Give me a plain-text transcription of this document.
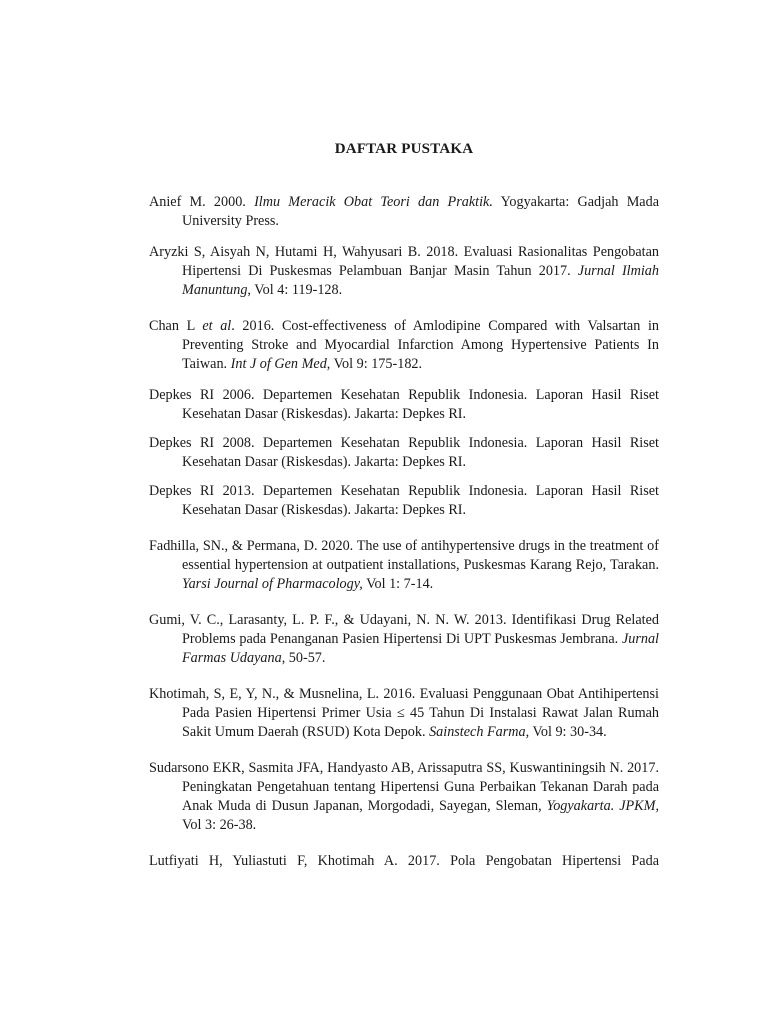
DAFTAR PUSTAKA

Anief M. 2000. Ilmu Meracik Obat Teori dan Praktik. Yogyakarta: Gadjah Mada University Press.

Aryzki S, Aisyah N, Hutami H, Wahyusari B. 2018. Evaluasi Rasionalitas Pengobatan Hipertensi Di Puskesmas Pelambuan Banjar Masin Tahun 2017. Jurnal Ilmiah Manuntung, Vol 4: 119-128.

Chan L et al. 2016. Cost-effectiveness of Amlodipine Compared with Valsartan in Preventing Stroke and Myocardial Infarction Among Hypertensive Patients In Taiwan. Int J of Gen Med, Vol 9: 175-182.

Depkes RI 2006. Departemen Kesehatan Republik Indonesia. Laporan Hasil Riset Kesehatan Dasar (Riskesdas). Jakarta: Depkes RI.

Depkes RI 2008. Departemen Kesehatan Republik Indonesia. Laporan Hasil Riset Kesehatan Dasar (Riskesdas). Jakarta: Depkes RI.

Depkes RI 2013. Departemen Kesehatan Republik Indonesia. Laporan Hasil Riset Kesehatan Dasar (Riskesdas). Jakarta: Depkes RI.

Fadhilla, SN., & Permana, D. 2020. The use of antihypertensive drugs in the treatment of essential hypertension at outpatient installations, Puskesmas Karang Rejo, Tarakan. Yarsi Journal of Pharmacology, Vol 1: 7-14.

Gumi, V. C., Larasanty, L. P. F., & Udayani, N. N. W. 2013. Identifikasi Drug Related Problems pada Penanganan Pasien Hipertensi Di UPT Puskesmas Jembrana. Jurnal Farmas Udayana, 50-57.

Khotimah, S, E, Y, N., & Musnelina, L. 2016. Evaluasi Penggunaan Obat Antihipertensi Pada Pasien Hipertensi Primer Usia ≤ 45 Tahun Di Instalasi Rawat Jalan Rumah Sakit Umum Daerah (RSUD) Kota Depok. Sainstech Farma, Vol 9: 30-34.

Sudarsono EKR, Sasmita JFA, Handyasto AB, Arissaputra SS, Kuswantiningsih N. 2017. Peningkatan Pengetahuan tentang Hipertensi Guna Perbaikan Tekanan Darah pada Anak Muda di Dusun Japanan, Morgodadi, Sayegan, Sleman, Yogyakarta. JPKM, Vol 3: 26-38.

Lutfiyati H, Yuliastuti F, Khotimah A. 2017. Pola Pengobatan Hipertensi Pada
